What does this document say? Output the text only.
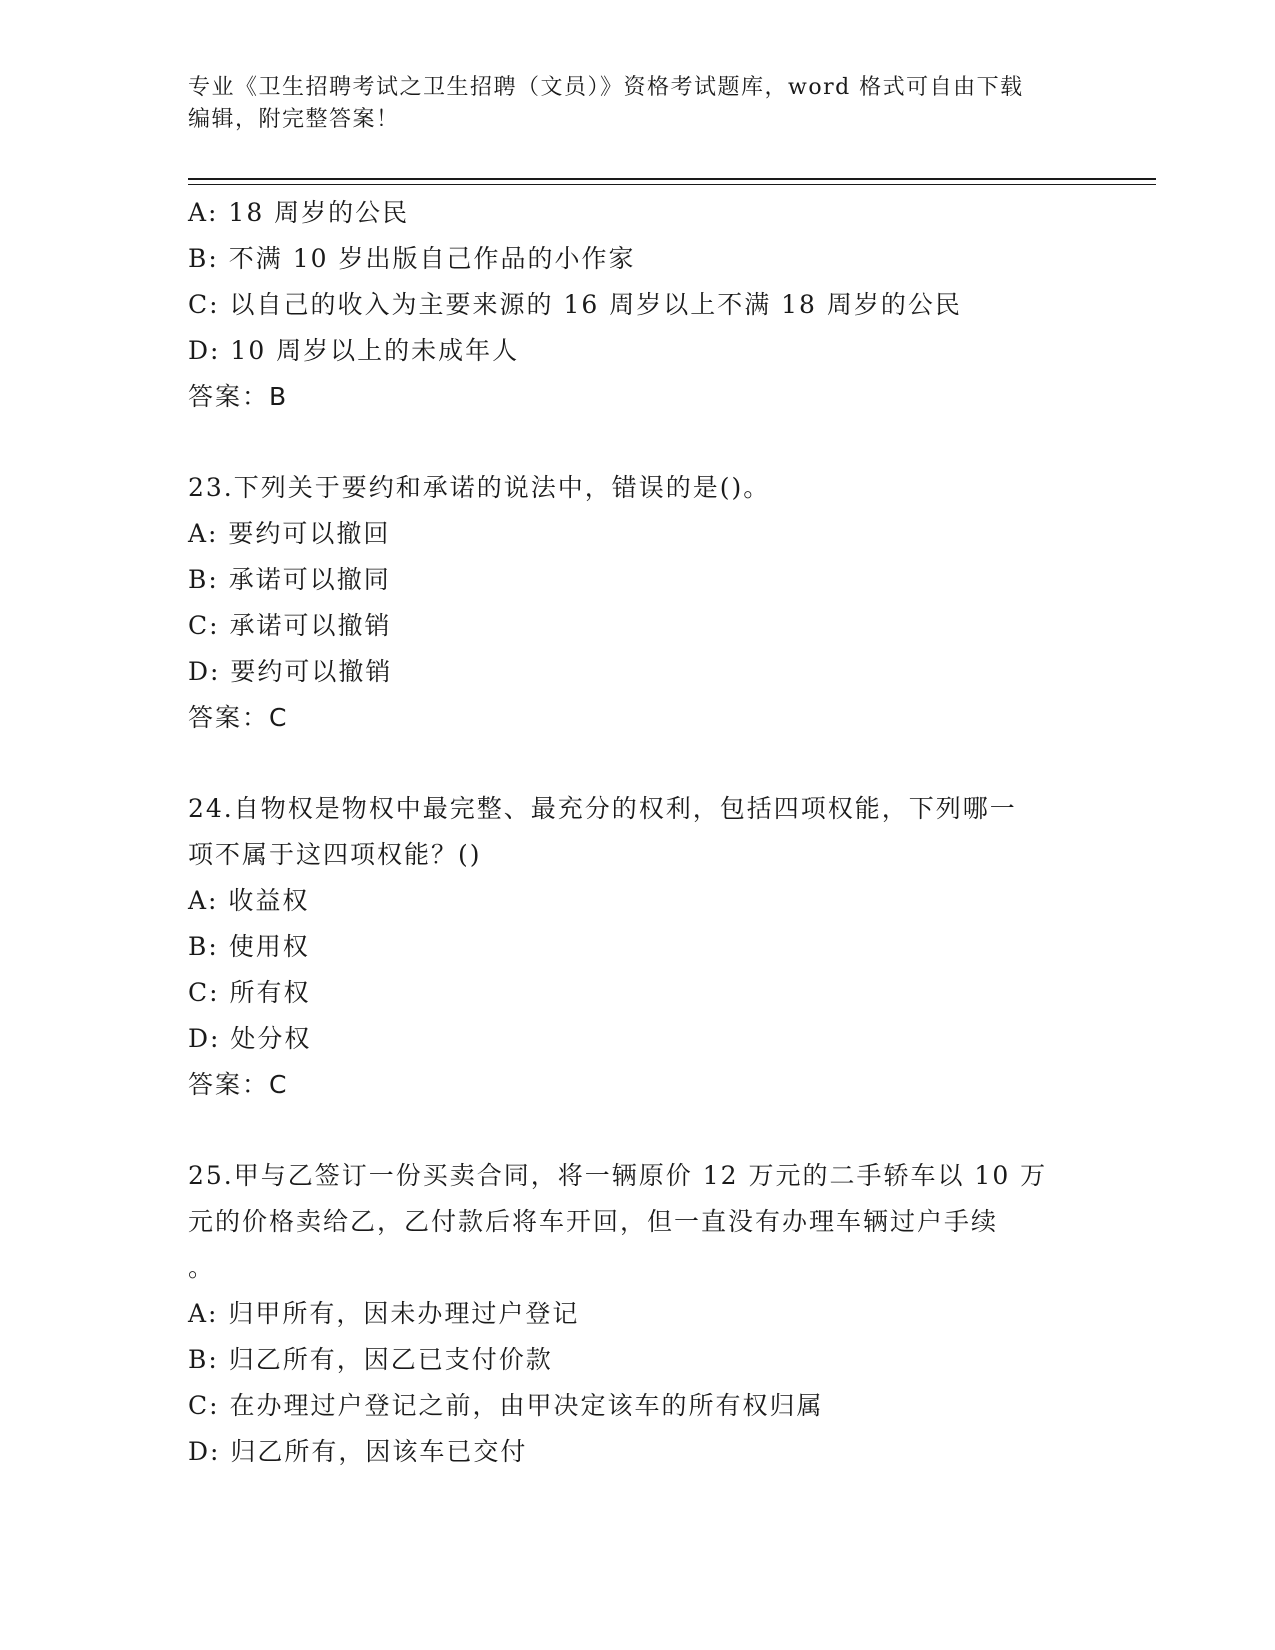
专业《卫生招聘考试之卫生招聘（文员）》资格考试题库，word 格式可自由下载
编辑，附完整答案！
A: 18 周岁的公民
B: 不满 10 岁出版自己作品的小作家
C: 以自己的收入为主要来源的 16 周岁以上不满 18 周岁的公民
D: 10 周岁以上的未成年人
答案：B
23.下列关于要约和承诺的说法中，错误的是()。
A: 要约可以撤回
B: 承诺可以撤同
C: 承诺可以撤销
D: 要约可以撤销
答案：C
24.自物权是物权中最完整、最充分的权利，包括四项权能，下列哪一
项不属于这四项权能？()
A: 收益权
B: 使用权
C: 所有权
D: 处分权
答案：C
25.甲与乙签订一份买卖合同，将一辆原价 12 万元的二手轿车以 10 万
元的价格卖给乙，乙付款后将车开回，但一直没有办理车辆过户手续
。
A: 归甲所有，因未办理过户登记
B: 归乙所有，因乙已支付价款
C: 在办理过户登记之前，由甲决定该车的所有权归属
D: 归乙所有，因该车已交付
